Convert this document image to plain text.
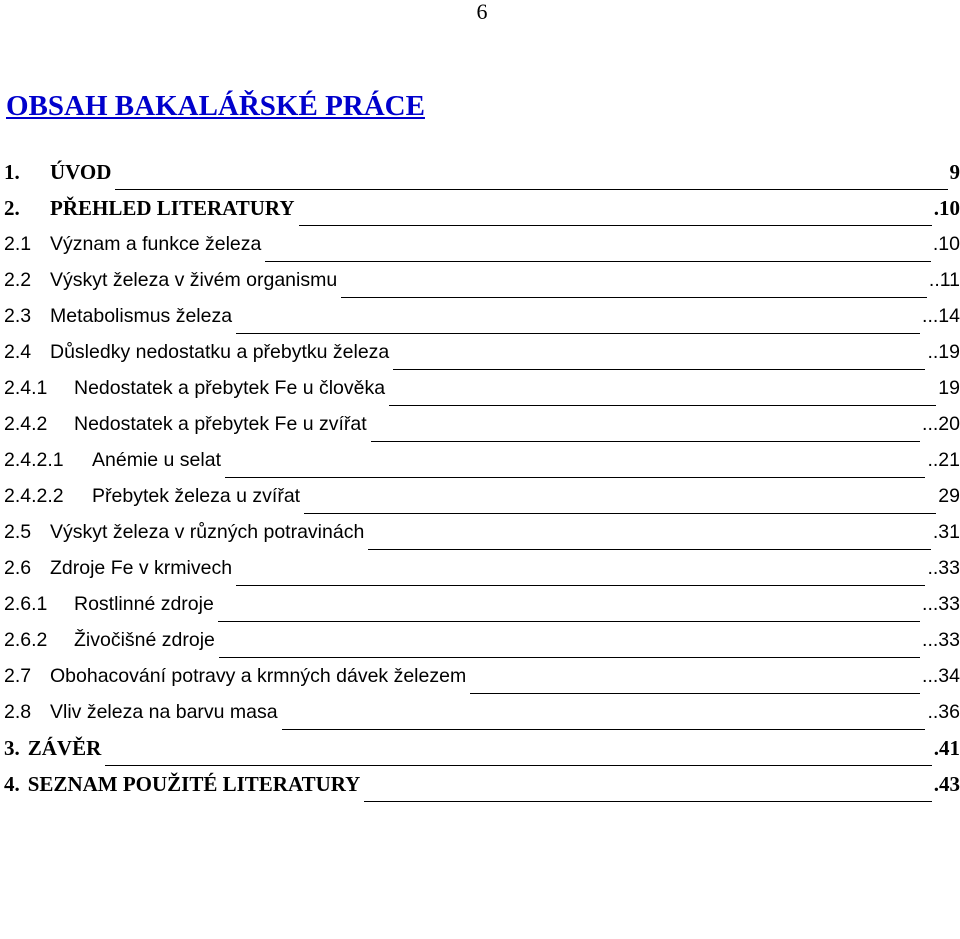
6
OBSAH BAKALÁŘSKÉ PRÁCE
1.	ÚVOD	9
2.	PŘEHLED LITERATURY	.10
2.1 Význam a funkce železa	.10
2.2 Výskyt železa v živém organismu	..11
2.3 Metabolismus železa	...14
2.4 Důsledky nedostatku a přebytku železa	..19
2.4.1	Nedostatek a přebytek Fe u člověka	19
2.4.2	Nedostatek a přebytek Fe u zvířat	...20
2.4.2.1	Anémie u selat	..21
2.4.2.2	Přebytek železa u zvířat	29
2.5 Výskyt železa v různých potravinách	.31
2.6 Zdroje Fe v krmivech	..33
2.6.1	Rostlinné zdroje	...33
2.6.2	Živočišné zdroje	...33
2.7 Obohacování potravy a krmných dávek železem	...34
2.8 Vliv železa na barvu masa	..36
3. ZÁVĚR	.41
4. SEZNAM POUŽITÉ LITERATURY	.43
